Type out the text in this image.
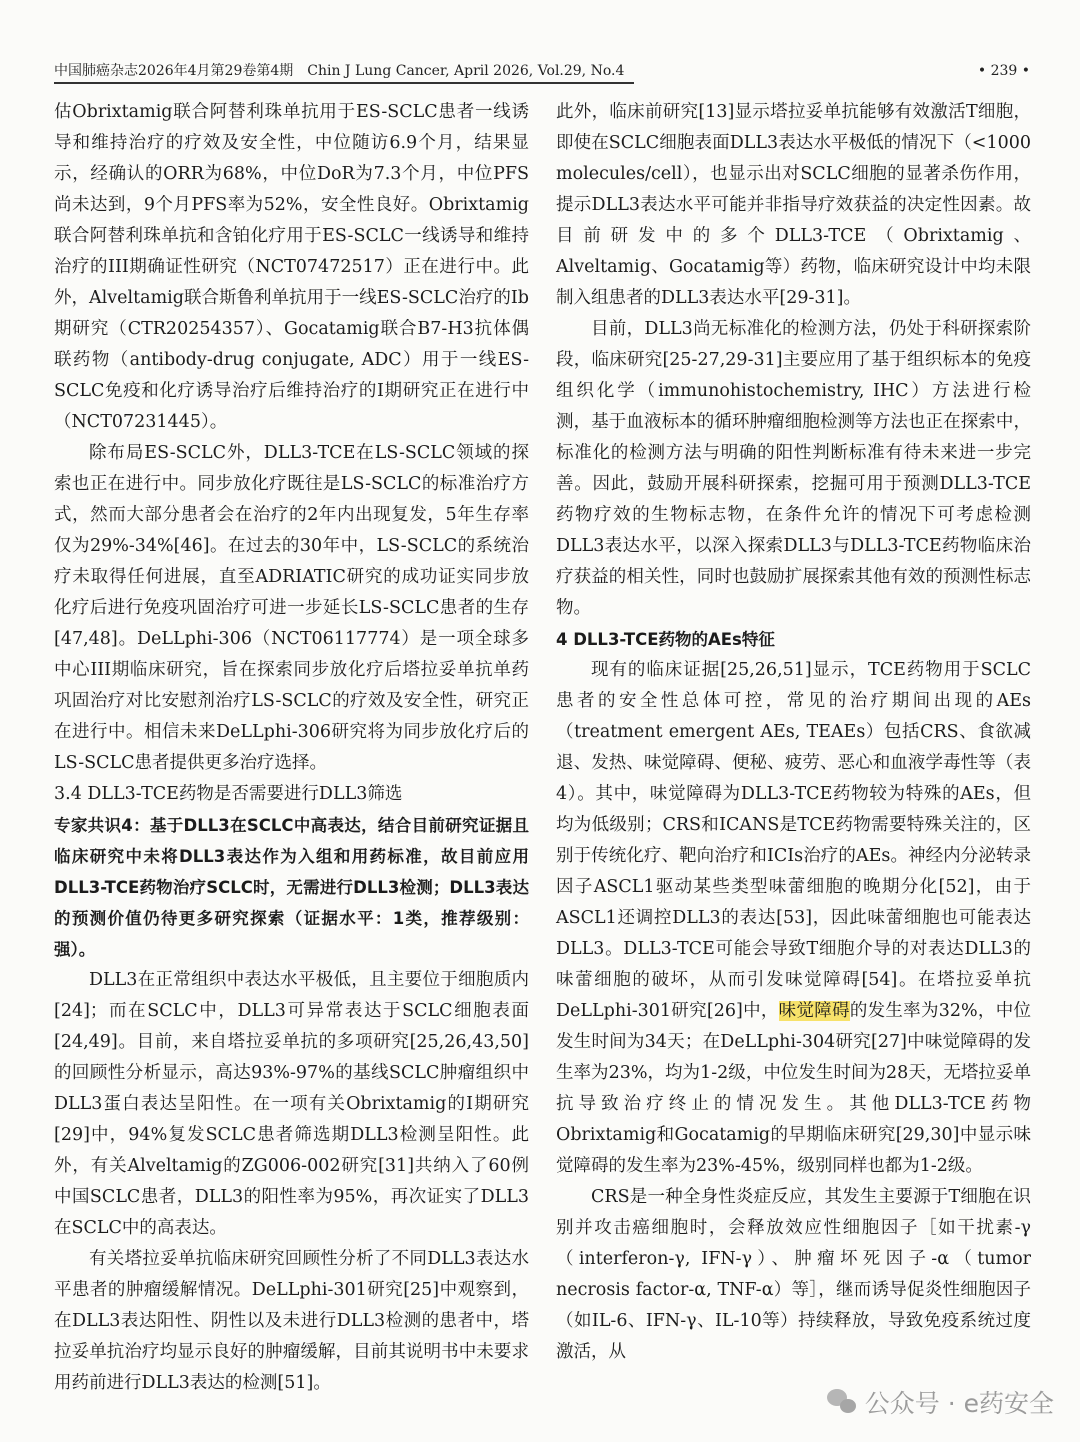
中国肺癌杂志2026年4月第29卷第4期　Chin J Lung Cancer, April 2026, Vol.29, No.4	• 239 •

估Obrixtamig联合阿替利珠单抗用于ES-SCLC患者一线诱导和维持治疗的疗效及安全性，中位随访6.9个月，结果显示，经确认的ORR为68%，中位DoR为7.3个月，中位PFS尚未达到，9个月PFS率为52%，安全性良好。Obrixtamig联合阿替利珠单抗和含铂化疗用于ES-SCLC一线诱导和维持治疗的III期确证性研究（NCT07472517）正在进行中。此外，Alveltamig联合斯鲁利单抗用于一线ES-SCLC治疗的Ib期研究（CTR20254357）、Gocatamig联合B7-H3抗体偶联药物（antibody-drug conjugate, ADC）用于一线ES-SCLC免疫和化疗诱导治疗后维持治疗的I期研究正在进行中（NCT07231445）。

除布局ES-SCLC外，DLL3-TCE在LS-SCLC领域的探索也正在进行中。同步放化疗既往是LS-SCLC的标准治疗方式，然而大部分患者会在治疗的2年内出现复发，5年生存率仅为29%-34%[46]。在过去的30年中，LS-SCLC的系统治疗未取得任何进展，直至ADRIATIC研究的成功证实同步放化疗后进行免疫巩固治疗可进一步延长LS-SCLC患者的生存[47,48]。DeLLphi-306（NCT06117774）是一项全球多中心III期临床研究，旨在探索同步放化疗后塔拉妥单抗单药巩固治疗对比安慰剂治疗LS-SCLC的疗效及安全性，研究正在进行中。相信未来DeLLphi-306研究将为同步放化疗后的LS-SCLC患者提供更多治疗选择。

3.4 DLL3-TCE药物是否需要进行DLL3筛选

专家共识4：基于DLL3在SCLC中高表达，结合目前研究证据且临床研究中未将DLL3表达作为入组和用药标准，故目前应用DLL3-TCE药物治疗SCLC时，无需进行DLL3检测；DLL3表达的预测价值仍待更多研究探索（证据水平：1类，推荐级别：强）。

DLL3在正常组织中表达水平极低，且主要位于细胞质内[24]；而在SCLC中，DLL3可异常表达于SCLC细胞表面[24,49]。目前，来自塔拉妥单抗的多项研究[25,26,43,50]的回顾性分析显示，高达93%-97%的基线SCLC肿瘤组织中DLL3蛋白表达呈阳性。在一项有关Obrixtamig的I期研究[29]中，94%复发SCLC患者筛选期DLL3检测呈阳性。此外，有关Alveltamig的ZG006-002研究[31]共纳入了60例中国SCLC患者，DLL3的阳性率为95%，再次证实了DLL3在SCLC中的高表达。

有关塔拉妥单抗临床研究回顾性分析了不同DLL3表达水平患者的肿瘤缓解情况。DeLLphi-301研究[25]中观察到，在DLL3表达阳性、阴性以及未进行DLL3检测的患者中，塔拉妥单抗治疗均显示良好的肿瘤缓解，目前其说明书中未要求用药前进行DLL3表达的检测[51]。

此外，临床前研究[13]显示塔拉妥单抗能够有效激活T细胞，即使在SCLC细胞表面DLL3表达水平极低的情况下（<1000 molecules/cell），也显示出对SCLC细胞的显著杀伤作用，提示DLL3表达水平可能并非指导疗效获益的决定性因素。故目前研发中的多个DLL3-TCE（Obrixtamig、Alveltamig、Gocatamig等）药物，临床研究设计中均未限制入组患者的DLL3表达水平[29-31]。

目前，DLL3尚无标准化的检测方法，仍处于科研探索阶段，临床研究[25-27,29-31]主要应用了基于组织标本的免疫组织化学（immunohistochemistry, IHC）方法进行检测，基于血液标本的循环肿瘤细胞检测等方法也正在探索中，标准化的检测方法与明确的阳性判断标准有待未来进一步完善。因此，鼓励开展科研探索，挖掘可用于预测DLL3-TCE药物疗效的生物标志物，在条件允许的情况下可考虑检测DLL3表达水平，以深入探索DLL3与DLL3-TCE药物临床治疗获益的相关性，同时也鼓励扩展探索其他有效的预测性标志物。

4 DLL3-TCE药物的AEs特征

现有的临床证据[25,26,51]显示，TCE药物用于SCLC患者的安全性总体可控，常见的治疗期间出现的AEs（treatment emergent AEs, TEAEs）包括CRS、食欲减退、发热、味觉障碍、便秘、疲劳、恶心和血液学毒性等（表4）。其中，味觉障碍为DLL3-TCE药物较为特殊的AEs，但均为低级别；CRS和ICANS是TCE药物需要特殊关注的，区别于传统化疗、靶向治疗和ICIs治疗的AEs。神经内分泌转录因子ASCL1驱动某些类型味蕾细胞的晚期分化[52]，由于ASCL1还调控DLL3的表达[53]，因此味蕾细胞也可能表达DLL3。DLL3-TCE可能会导致T细胞介导的对表达DLL3的味蕾细胞的破坏，从而引发味觉障碍[54]。在塔拉妥单抗DeLLphi-301研究[26]中，味觉障碍的发生率为32%，中位发生时间为34天；在DeLLphi-304研究[27]中味觉障碍的发生率为23%，均为1-2级，中位发生时间为28天，无塔拉妥单抗导致治疗终止的情况发生。其他DLL3-TCE药物Obrixtamig和Gocatamig的早期临床研究[29,30]中显示味觉障碍的发生率为23%-45%，级别同样也都为1-2级。

CRS是一种全身性炎症反应，其发生主要源于T细胞在识别并攻击癌细胞时，会释放效应性细胞因子［如干扰素-γ（interferon-γ, IFN-γ）、肿瘤坏死因子-α（tumor necrosis factor-α, TNF-α）等］，继而诱导促炎性细胞因子（如IL-6、IFN-γ、IL-10等）持续释放，导致免疫系统过度激活，从

公众号 · e药安全
